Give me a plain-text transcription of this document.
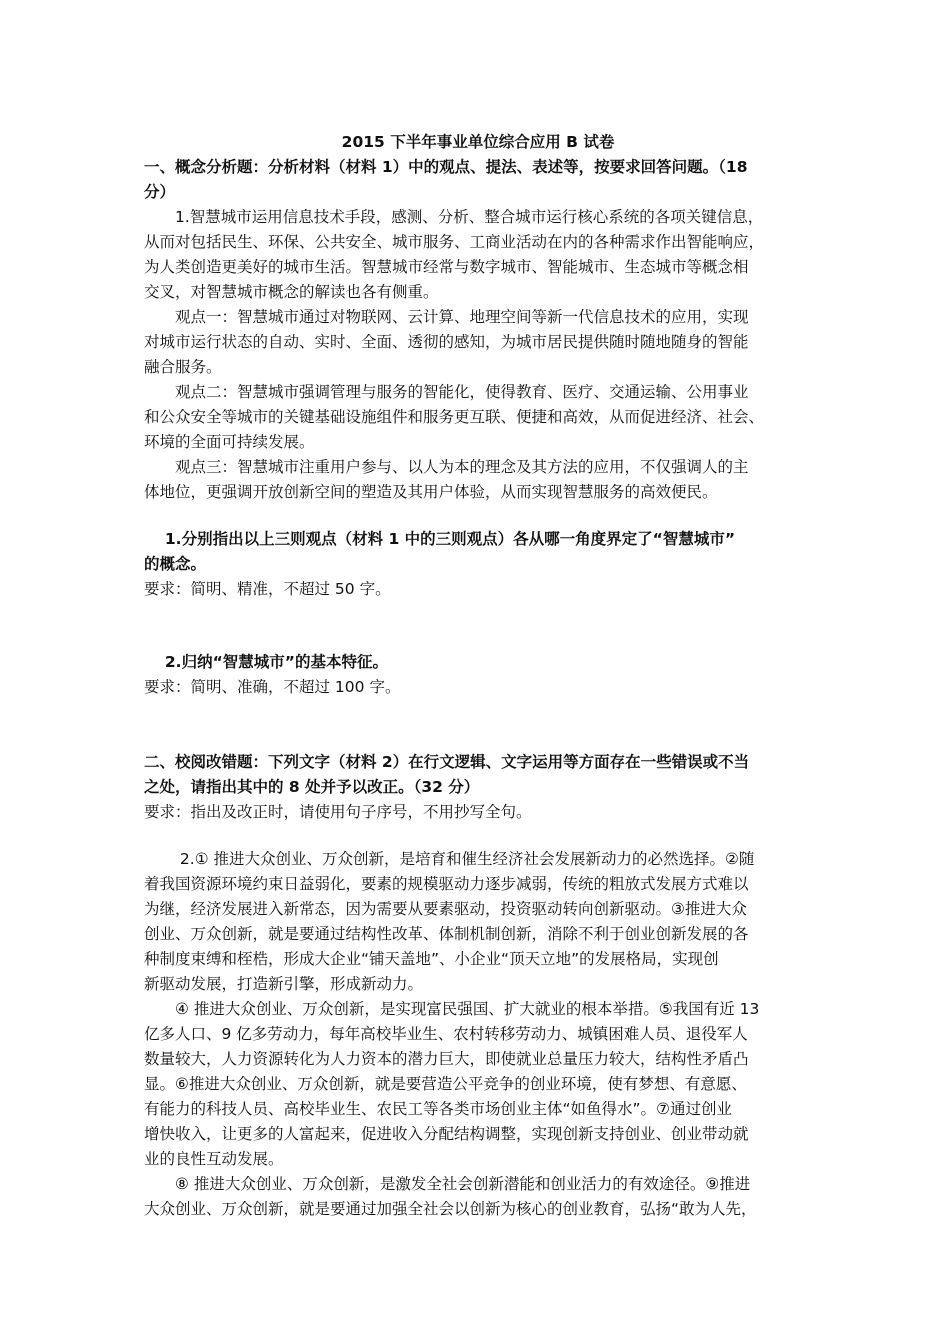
2015 下半年事业单位综合应用 B 试卷
一、概念分析题：分析材料（材料 1）中的观点、提法、表述等，按要求回答问题。（18
分）
　　1.智慧城市运用信息技术手段，感测、分析、整合城市运行核心系统的各项关键信息，
从而对包括民生、环保、公共安全、城市服务、工商业活动在内的各种需求作出智能响应，
为人类创造更美好的城市生活。智慧城市经常与数字城市、智能城市、生态城市等概念相
交叉，对智慧城市概念的解读也各有侧重。
　　观点一：智慧城市通过对物联网、云计算、地理空间等新一代信息技术的应用，实现
对城市运行状态的自动、实时、全面、透彻的感知，为城市居民提供随时随地随身的智能
融合服务。
　　观点二：智慧城市强调管理与服务的智能化，使得教育、医疗、交通运输、公用事业
和公众安全等城市的关键基础设施组件和服务更互联、便捷和高效，从而促进经济、社会、
环境的全面可持续发展。
　　观点三：智慧城市注重用户参与、以人为本的理念及其方法的应用，不仅强调人的主
体地位，更强调开放创新空间的塑造及其用户体验，从而实现智慧服务的高效便民。
　 1.分别指出以上三则观点（材料 1 中的三则观点）各从哪一角度界定了“智慧城市”
的概念。
要求：简明、精准，不超过 50 字。
　 2.归纳“智慧城市”的基本特征。
要求：简明、准确，不超过 100 字。
二、校阅改错题：下列文字（材料 2）在行文逻辑、文字运用等方面存在一些错误或不当
之处，请指出其中的 8 处并予以改正。（32 分）
要求：指出及改正时，请使用句子序号，不用抄写全句。
　　 2.① 推进大众创业、万众创新，是培育和催生经济社会发展新动力的必然选择。②随
着我国资源环境约束日益弱化，要素的规模驱动力逐步减弱，传统的粗放式发展方式难以
为继，经济发展进入新常态，因为需要从要素驱动，投资驱动转向创新驱动。③推进大众
创业、万众创新，就是要通过结构性改革、体制机制创新，消除不利于创业创新发展的各
种制度束缚和桎梏，形成大企业“铺天盖地”、小企业“顶天立地”的发展格局，实现创
新驱动发展，打造新引擎，形成新动力。
　　④ 推进大众创业、万众创新，是实现富民强国、扩大就业的根本举措。⑤我国有近 13
亿多人口、9 亿多劳动力，每年高校毕业生、农村转移劳动力、城镇困难人员、退役军人
数量较大，人力资源转化为人力资本的潜力巨大，即使就业总量压力较大，结构性矛盾凸
显。⑥推进大众创业、万众创新，就是要营造公平竞争的创业环境，使有梦想、有意愿、
有能力的科技人员、高校毕业生、农民工等各类市场创业主体“如鱼得水”。⑦通过创业
增快收入，让更多的人富起来，促进收入分配结构调整，实现创新支持创业、创业带动就
业的良性互动发展。
　　⑧ 推进大众创业、万众创新，是激发全社会创新潜能和创业活力的有效途径。⑨推进
大众创业、万众创新，就是要通过加强全社会以创新为核心的创业教育，弘扬“敢为人先，
